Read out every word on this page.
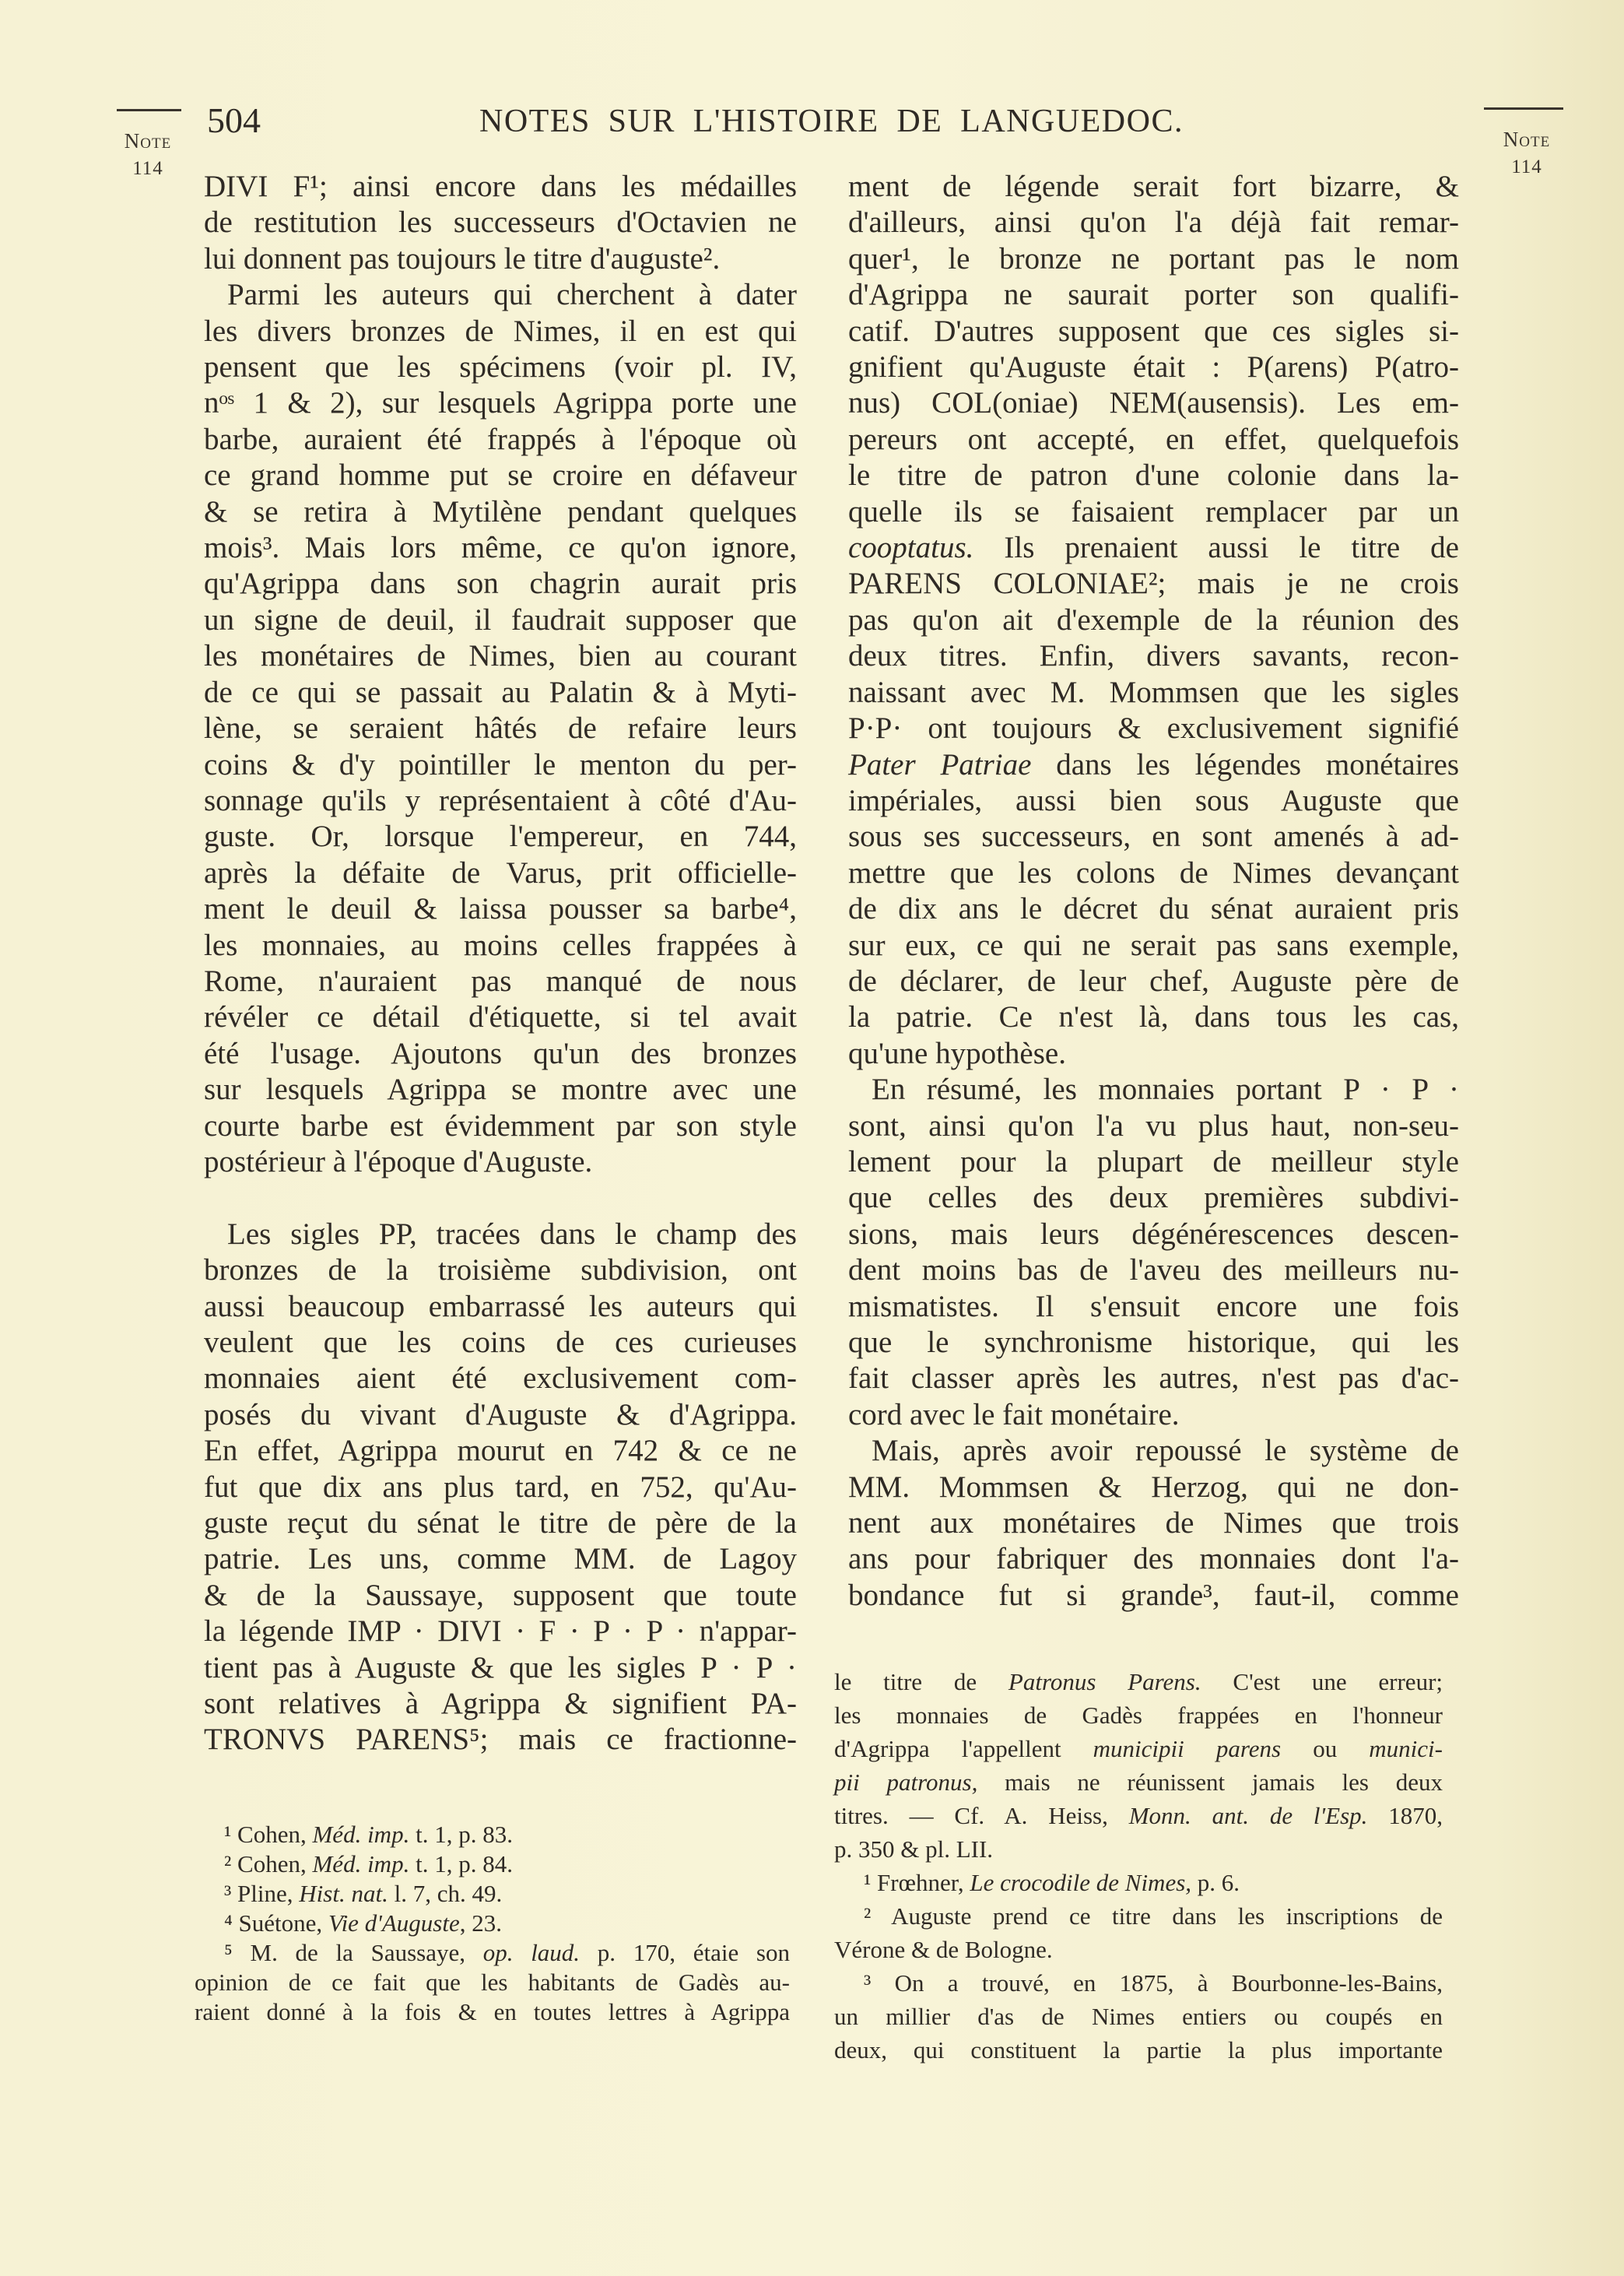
Note
114
Note
114
504	NOTES SUR L'HISTOIRE DE LANGUEDOC.
DIVI F¹; ainsi encore dans les médailles
de restitution les successeurs d'Octavien ne
lui donnent pas toujours le titre d'auguste².
Parmi les auteurs qui cherchent à dater
les divers bronzes de Nimes, il en est qui
pensent que les spécimens (voir pl. IV,
nᵒˢ 1 & 2), sur lesquels Agrippa porte une
barbe, auraient été frappés à l'époque où
ce grand homme put se croire en défaveur
& se retira à Mytilène pendant quelques
mois³. Mais lors même, ce qu'on ignore,
qu'Agrippa dans son chagrin aurait pris
un signe de deuil, il faudrait supposer que
les monétaires de Nimes, bien au courant
de ce qui se passait au Palatin & à Myti-
lène, se seraient hâtés de refaire leurs
coins & d'y pointiller le menton du per-
sonnage qu'ils y représentaient à côté d'Au-
guste. Or, lorsque l'empereur, en 744,
après la défaite de Varus, prit officielle-
ment le deuil & laissa pousser sa barbe⁴,
les monnaies, au moins celles frappées à
Rome, n'auraient pas manqué de nous
révéler ce détail d'étiquette, si tel avait
été l'usage. Ajoutons qu'un des bronzes
sur lesquels Agrippa se montre avec une
courte barbe est évidemment par son style
postérieur à l'époque d'Auguste.
Les sigles PP, tracées dans le champ des
bronzes de la troisième subdivision, ont
aussi beaucoup embarrassé les auteurs qui
veulent que les coins de ces curieuses
monnaies aient été exclusivement com-
posés du vivant d'Auguste & d'Agrippa.
En effet, Agrippa mourut en 742 & ce ne
fut que dix ans plus tard, en 752, qu'Au-
guste reçut du sénat le titre de père de la
patrie. Les uns, comme MM. de Lagoy
& de la Saussaye, supposent que toute
la légende IMP · DIVI · F · P · P · n'appar-
tient pas à Auguste & que les sigles P · P ·
sont relatives à Agrippa & signifient PA-
TRONVS PARENS⁵; mais ce fractionne-
ment de légende serait fort bizarre, &
d'ailleurs, ainsi qu'on l'a déjà fait remar-
quer¹, le bronze ne portant pas le nom
d'Agrippa ne saurait porter son qualifi-
catif. D'autres supposent que ces sigles si-
gnifient qu'Auguste était : P(arens) P(atro-
nus) COL(oniae) NEM(ausensis). Les em-
pereurs ont accepté, en effet, quelquefois
le titre de patron d'une colonie dans la-
quelle ils se faisaient remplacer par un
cooptatus. Ils prenaient aussi le titre de
PARENS COLONIAE²; mais je ne crois
pas qu'on ait d'exemple de la réunion des
deux titres. Enfin, divers savants, recon-
naissant avec M. Mommsen que les sigles
P·P· ont toujours & exclusivement signifié
Pater Patriae dans les légendes monétaires
impériales, aussi bien sous Auguste que
sous ses successeurs, en sont amenés à ad-
mettre que les colons de Nimes devançant
de dix ans le décret du sénat auraient pris
sur eux, ce qui ne serait pas sans exemple,
de déclarer, de leur chef, Auguste père de
la patrie. Ce n'est là, dans tous les cas,
qu'une hypothèse.
En résumé, les monnaies portant P · P ·
sont, ainsi qu'on l'a vu plus haut, non-seu-
lement pour la plupart de meilleur style
que celles des deux premières subdivi-
sions, mais leurs dégénérescences descen-
dent moins bas de l'aveu des meilleurs nu-
mismatistes. Il s'ensuit encore une fois
que le synchronisme historique, qui les
fait classer après les autres, n'est pas d'ac-
cord avec le fait monétaire.
Mais, après avoir repoussé le système de
MM. Mommsen & Herzog, qui ne don-
nent aux monétaires de Nimes que trois
ans pour fabriquer des monnaies dont l'a-
bondance fut si grande³, faut-il, comme
¹ Cohen, Méd. imp. t. 1, p. 83.
² Cohen, Méd. imp. t. 1, p. 84.
³ Pline, Hist. nat. l. 7, ch. 49.
⁴ Suétone, Vie d'Auguste, 23.
⁵ M. de la Saussaye, op. laud. p. 170, étaie son
opinion de ce fait que les habitants de Gadès au-
raient donné à la fois & en toutes lettres à Agrippa
le titre de Patronus Parens. C'est une erreur;
les monnaies de Gadès frappées en l'honneur
d'Agrippa l'appellent municipii parens ou munici-
pii patronus, mais ne réunissent jamais les deux
titres. — Cf. A. Heiss, Monn. ant. de l'Esp. 1870,
p. 350 & pl. LII.
¹ Frœhner, Le crocodile de Nimes, p. 6.
² Auguste prend ce titre dans les inscriptions de
Vérone & de Bologne.
³ On a trouvé, en 1875, à Bourbonne-les-Bains,
un millier d'as de Nimes entiers ou coupés en
deux, qui constituent la partie la plus importante
